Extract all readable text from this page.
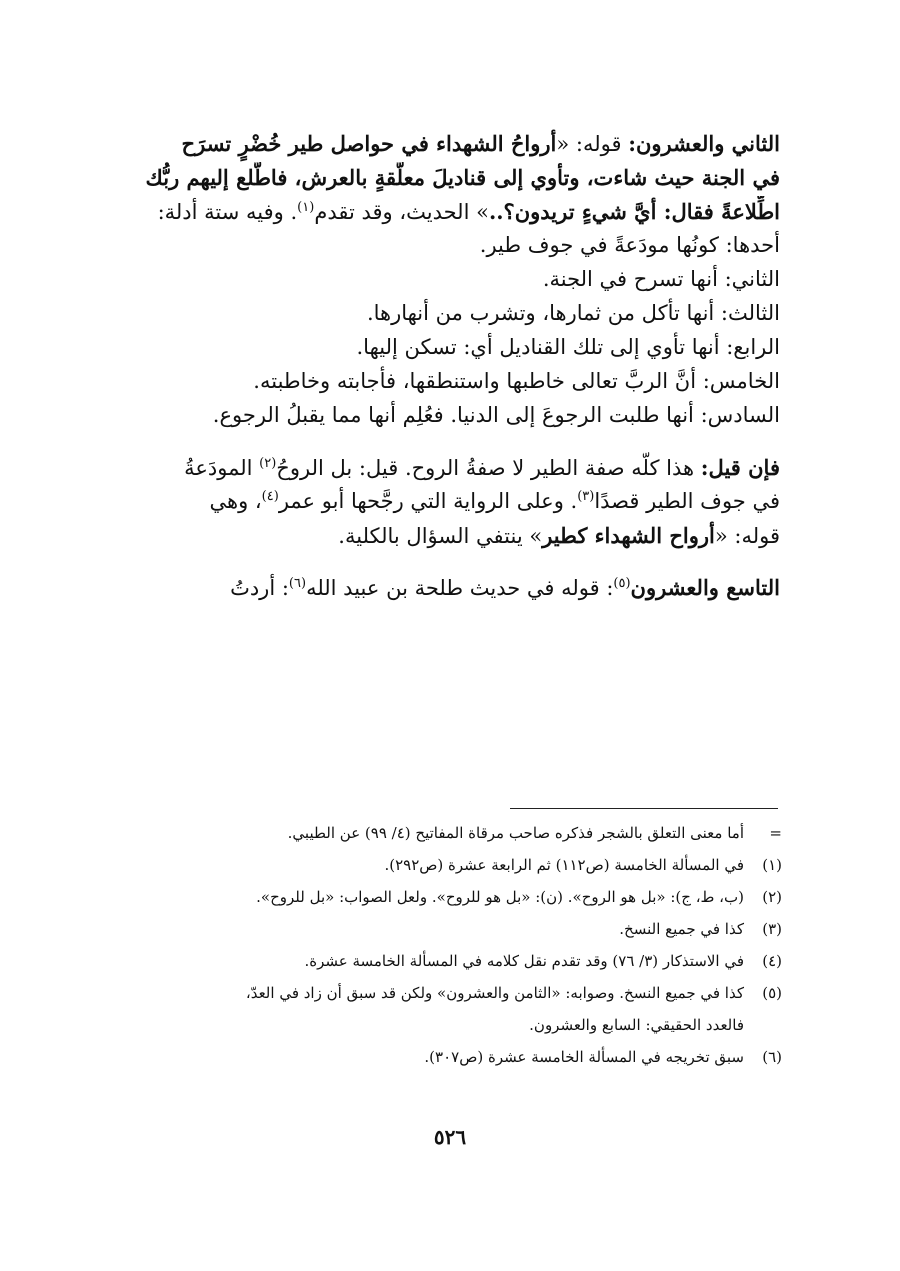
الثاني والعشرون: قوله: «أرواحُ الشهداء في حواصل طير خُضْرٍ تسرَح
في الجنة حيث شاءت، وتأوي إلى قناديلَ معلَّقةٍ بالعرش، فاطَّلع إليهم ربُّك
اطِّلاعةً فقال: أيَّ شيءٍ تريدون؟..» الحديث، وقد تقدم$^{(١)}$. وفيه ستة أدلة:
أحدها: كونُها مودَعةً في جوف طير.
الثاني: أنها تسرح في الجنة.
الثالث: أنها تأكل من ثمارها، وتشرب من أنهارها.
الرابع: أنها تأوي إلى تلك القناديل أي: تسكن إليها.
الخامس: أنَّ الربَّ تعالى خاطبها واستنطقها، فأجابته وخاطبته.
السادس: أنها طلبت الرجوعَ إلى الدنيا. فعُلِم أنها مما يقبلُ الرجوع.
فإن قيل: هذا كلُّه صفة الطير لا صفةُ الروح. قيل: بل الروحُ$^{(٢)}$ المودَعةُ
في جوف الطير قصدًا$^{(٣)}$. وعلى الرواية التي رجَّحها أبو عمر$^{(٤)}$، وهي
قوله: «أرواح الشهداء كطير» ينتفي السؤال بالكلية.
التاسع والعشرون$^{(٥)}$: قوله في حديث طلحة بن عبيد الله$^{(٦)}$: أردتُ
=أما معنى التعلق بالشجر فذكره صاحب مرقاة المفاتيح (٤/ ٩٩) عن الطيبي.
(١)في المسألة الخامسة (ص١١٢) ثم الرابعة عشرة (ص٢٩٢).
(٢)(ب، ط، ج): «بل هو الروح». (ن): «بل هو للروح». ولعل الصواب: «بل للروح».
(٣)كذا في جميع النسخ.
(٤)في الاستذكار (٣/ ٧٦) وقد تقدم نقل كلامه في المسألة الخامسة عشرة.
(٥)كذا في جميع النسخ. وصوابه: «الثامن والعشرون» ولكن قد سبق أن زاد في العدّ،
فالعدد الحقيقي: السابع والعشرون.
(٦)سبق تخريجه في المسألة الخامسة عشرة (ص٣٠٧).
٥٢٦
